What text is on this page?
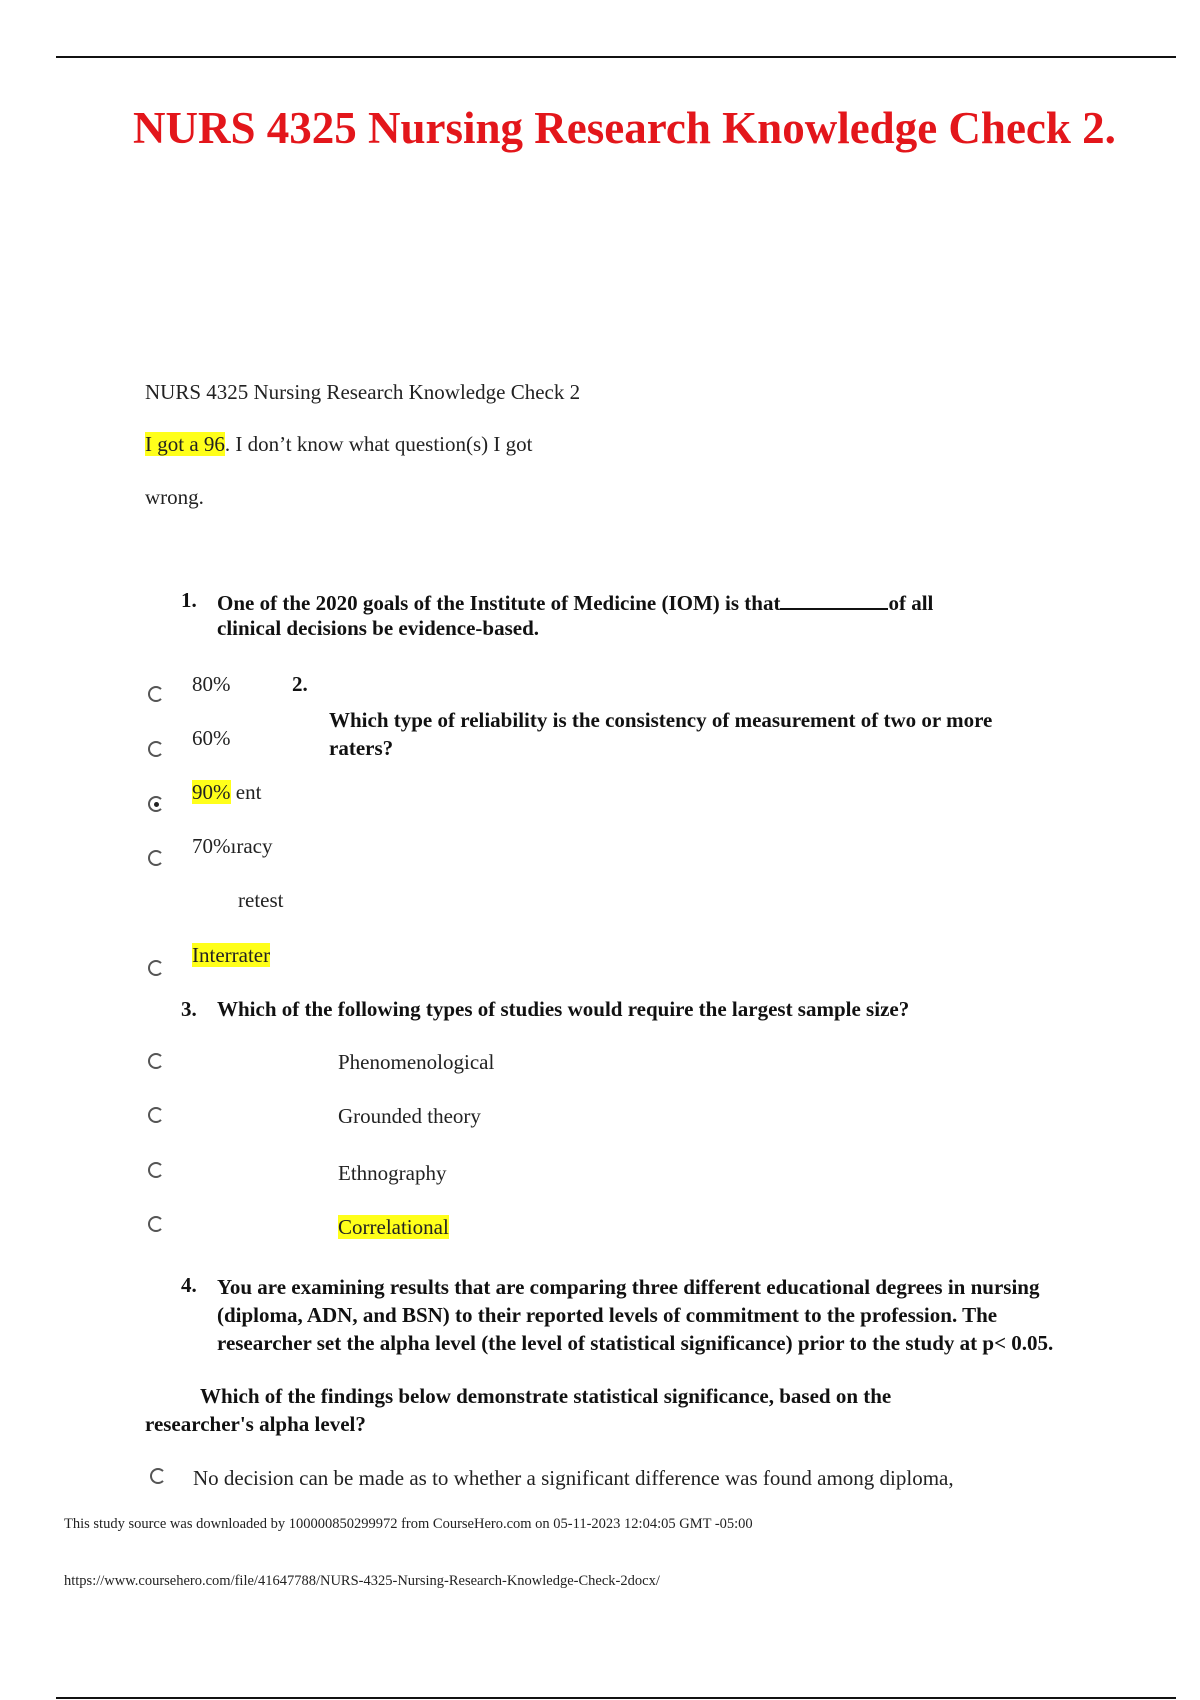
NURS 4325 Nursing Research Knowledge Check 2.
NURS 4325 Nursing Research Knowledge Check 2
I got a 96. I don’t know what question(s) I got
wrong.
1. One of the 2020 goals of the Institute of Medicine (IOM) is that	of all
clinical decisions be evidence-based.
80%
60%
90% ent
70%ıracy
2.
Which type of reliability is the consistency of measurement of two or more raters?
retest
Interrater
3. Which of the following types of studies would require the largest sample size?
Phenomenological
Grounded theory
Ethnography
Correlational
4. You are examining results that are comparing three different educational degrees in nursing (diploma, ADN, and BSN) to their reported levels of commitment to the profession. The researcher set the alpha level (the level of statistical significance) prior to the study at p< 0.05.
Which of the findings below demonstrate statistical significance, based on the
researcher's alpha level?
No decision can be made as to whether a significant difference was found among diploma,
This study source was downloaded by 100000850299972 from CourseHero.com on 05-11-2023 12:04:05 GMT -05:00
https://www.coursehero.com/file/41647788/NURS-4325-Nursing-Research-Knowledge-Check-2docx/
